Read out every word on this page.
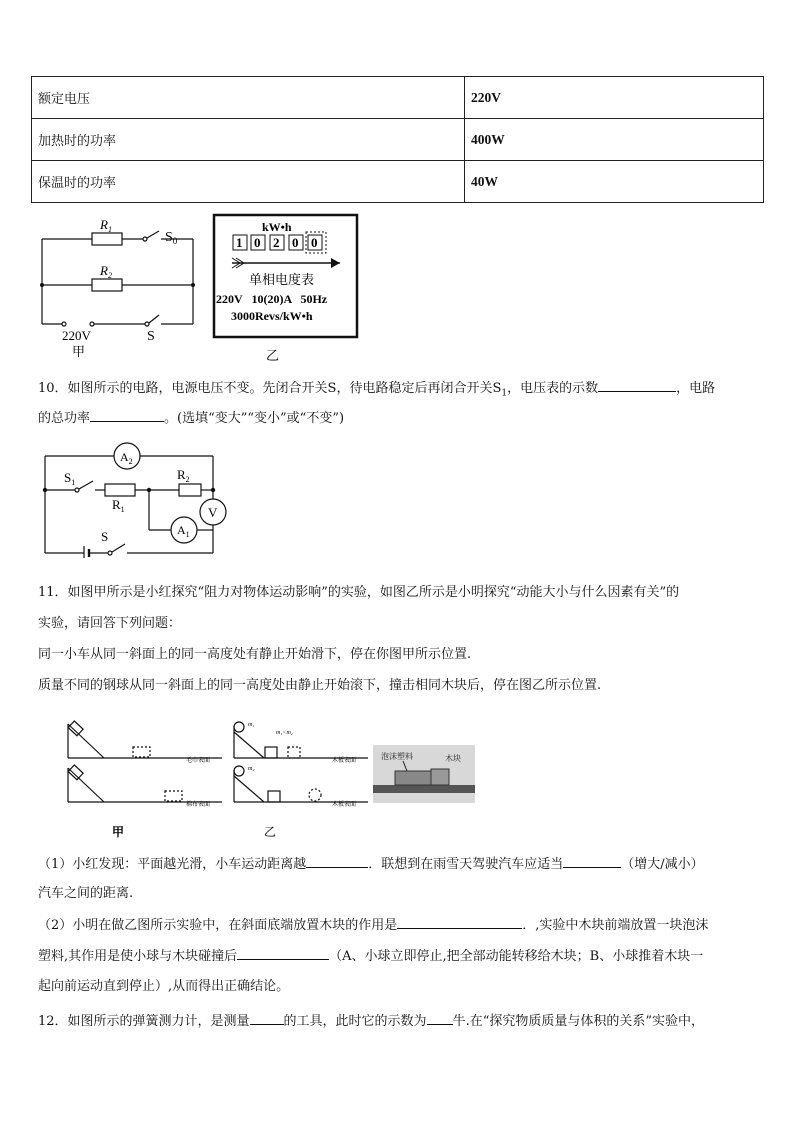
额定电压	220V
加热时的功率	400W
保温时的功率	40W
$R_1$
$R_2$
$S_0$
S
220V
甲
kW•h
1 0 2 0 0
单相电度表
220V   10(20)A   50Hz
3000Revs/kW•h
乙
10．如图所示的电路，电源电压不变。先闭合开关S，待电路稳定后再闭合开关$S_1$，电压表的示数	，电路
的总功率	。(选填“变大”“变小”或“不变”)
$A_2$
$S_1$
$R_1$
$R_2$
$A_1$
V
S
11．如图甲所示是小红探究“阻力对物体运动影响”的实验，如图乙所示是小明探究“动能大小与什么因素有关”的
实验，请回答下列问题：
同一小车从同一斜面上的同一高度处有静止开始滑下，停在你图甲所示位置.
质量不同的钢球从同一斜面上的同一高度处由静止开始滚下，撞击相同木块后，停在图乙所示位置.
毛巾表面
棉布表面
甲
m₁
m₁<m₂
m₂
木板表面
木板表面
乙
泡沫塑料	木块
（1）小红发现：平面越光滑，小车运动距离越	．联想到在雨雪天驾驶汽车应适当	（增大/减小）
汽车之间的距离.
（2）小明在做乙图所示实验中，在斜面底端放置木块的作用是	．,实验中木块前端放置一块泡沫
塑料,其作用是使小球与木块碰撞后	（A、小球立即停止,把全部动能转移给木块；B、小球推着木块一
起向前运动直到停止）,从而得出正确结论。
12．如图所示的弹簧测力计，是测量	的工具，此时它的示数为 牛.在“探究物质质量与体积的关系”实验中，
